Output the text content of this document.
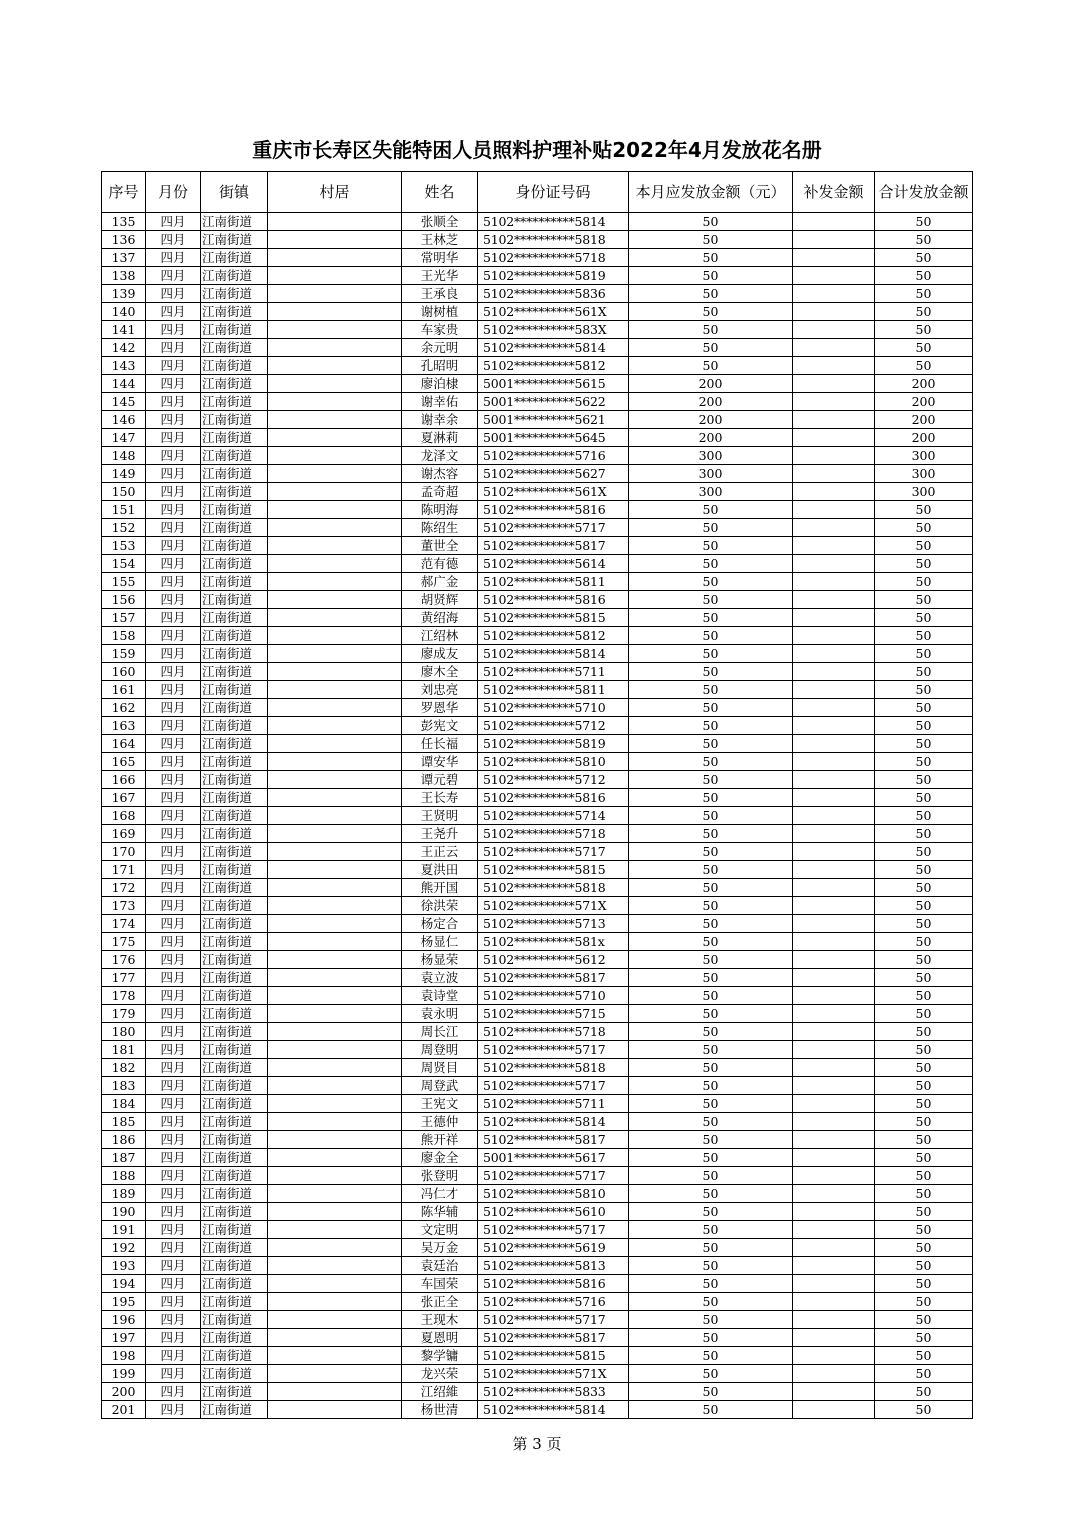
重庆市长寿区失能特困人员照料护理补贴2022年4月发放花名册
序号	月份	街镇	村居	姓名	身份证号码	本月应发放金额（元）	补发金额	合计发放金额
135	四月	江南街道		张顺全	5102**********5814	50		50
136	四月	江南街道		王林芝	5102**********5818	50		50
137	四月	江南街道		常明华	5102**********5718	50		50
138	四月	江南街道		王光华	5102**********5819	50		50
139	四月	江南街道		王承良	5102**********5836	50		50
140	四月	江南街道		谢树植	5102**********561X	50		50
141	四月	江南街道		车家贵	5102**********583X	50		50
142	四月	江南街道		余元明	5102**********5814	50		50
143	四月	江南街道		孔昭明	5102**********5812	50		50
144	四月	江南街道		廖泊棣	5001**********5615	200		200
145	四月	江南街道		谢幸佑	5001**********5622	200		200
146	四月	江南街道		谢幸余	5001**********5621	200		200
147	四月	江南街道		夏淋莉	5001**********5645	200		200
148	四月	江南街道		龙泽文	5102**********5716	300		300
149	四月	江南街道		谢杰容	5102**********5627	300		300
150	四月	江南街道		孟奇超	5102**********561X	300		300
151	四月	江南街道		陈明海	5102**********5816	50		50
152	四月	江南街道		陈绍生	5102**********5717	50		50
153	四月	江南街道		董世全	5102**********5817	50		50
154	四月	江南街道		范有德	5102**********5614	50		50
155	四月	江南街道		郝广金	5102**********5811	50		50
156	四月	江南街道		胡贤辉	5102**********5816	50		50
157	四月	江南街道		黄绍海	5102**********5815	50		50
158	四月	江南街道		江绍林	5102**********5812	50		50
159	四月	江南街道		廖成友	5102**********5814	50		50
160	四月	江南街道		廖木全	5102**********5711	50		50
161	四月	江南街道		刘忠亮	5102**********5811	50		50
162	四月	江南街道		罗恩华	5102**********5710	50		50
163	四月	江南街道		彭宪文	5102**********5712	50		50
164	四月	江南街道		任长福	5102**********5819	50		50
165	四月	江南街道		谭安华	5102**********5810	50		50
166	四月	江南街道		谭元碧	5102**********5712	50		50
167	四月	江南街道		王长寿	5102**********5816	50		50
168	四月	江南街道		王贤明	5102**********5714	50		50
169	四月	江南街道		王尧升	5102**********5718	50		50
170	四月	江南街道		王正云	5102**********5717	50		50
171	四月	江南街道		夏洪田	5102**********5815	50		50
172	四月	江南街道		熊开国	5102**********5818	50		50
173	四月	江南街道		徐洪荣	5102**********571X	50		50
174	四月	江南街道		杨定合	5102**********5713	50		50
175	四月	江南街道		杨显仁	5102**********581x	50		50
176	四月	江南街道		杨显荣	5102**********5612	50		50
177	四月	江南街道		袁立波	5102**********5817	50		50
178	四月	江南街道		袁诗堂	5102**********5710	50		50
179	四月	江南街道		袁永明	5102**********5715	50		50
180	四月	江南街道		周长江	5102**********5718	50		50
181	四月	江南街道		周登明	5102**********5717	50		50
182	四月	江南街道		周贤目	5102**********5818	50		50
183	四月	江南街道		周登武	5102**********5717	50		50
184	四月	江南街道		王宪文	5102**********5711	50		50
185	四月	江南街道		王德仲	5102**********5814	50		50
186	四月	江南街道		熊开祥	5102**********5817	50		50
187	四月	江南街道		廖金全	5001**********5617	50		50
188	四月	江南街道		张登明	5102**********5717	50		50
189	四月	江南街道		冯仁才	5102**********5810	50		50
190	四月	江南街道		陈华辅	5102**********5610	50		50
191	四月	江南街道		文定明	5102**********5717	50		50
192	四月	江南街道		吴万金	5102**********5619	50		50
193	四月	江南街道		袁廷治	5102**********5813	50		50
194	四月	江南街道		车国荣	5102**********5816	50		50
195	四月	江南街道		张正全	5102**********5716	50		50
196	四月	江南街道		王现木	5102**********5717	50		50
197	四月	江南街道		夏恩明	5102**********5817	50		50
198	四月	江南街道		黎学镛	5102**********5815	50		50
199	四月	江南街道		龙兴荣	5102**********571X	50		50
200	四月	江南街道		江绍維	5102**********5833	50		50
201	四月	江南街道		杨世清	5102**********5814	50		50
第 3 页
